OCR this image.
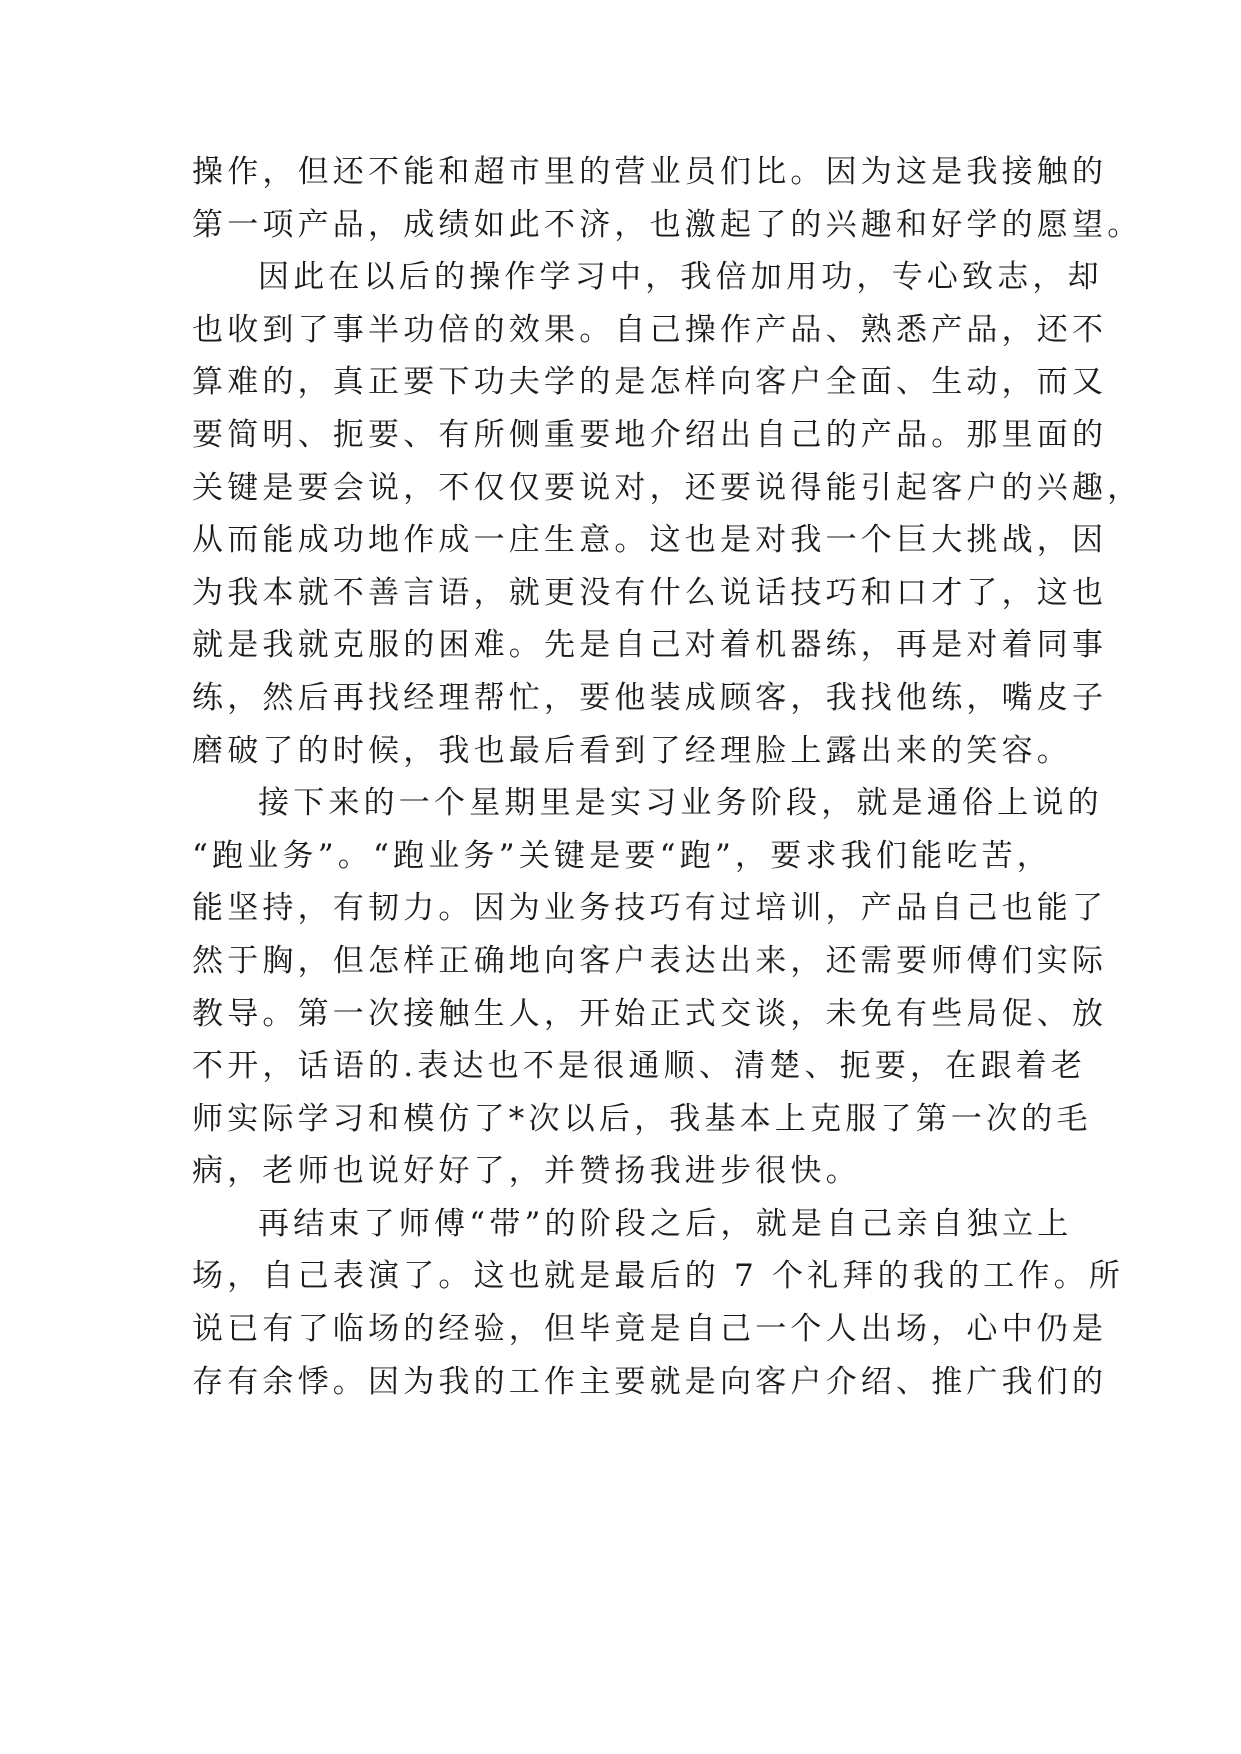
操作，但还不能和超市里的营业员们比。因为这是我接触的
第一项产品，成绩如此不济，也激起了的兴趣和好学的愿望。
因此在以后的操作学习中，我倍加用功，专心致志，却
也收到了事半功倍的效果。自己操作产品、熟悉产品，还不
算难的，真正要下功夫学的是怎样向客户全面、生动，而又
要简明、扼要、有所侧重要地介绍出自己的产品。那里面的
关键是要会说，不仅仅要说对，还要说得能引起客户的兴趣，
从而能成功地作成一庄生意。这也是对我一个巨大挑战，因
为我本就不善言语，就更没有什么说话技巧和口才了，这也
就是我就克服的困难。先是自己对着机器练，再是对着同事
练，然后再找经理帮忙，要他装成顾客，我找他练，嘴皮子
磨破了的时候，我也最后看到了经理脸上露出来的笑容。
接下来的一个星期里是实习业务阶段，就是通俗上说的
“跑业务”。“跑业务”关键是要“跑”，要求我们能吃苦，
能坚持，有韧力。因为业务技巧有过培训，产品自己也能了
然于胸，但怎样正确地向客户表达出来，还需要师傅们实际
教导。第一次接触生人，开始正式交谈，未免有些局促、放
不开，话语的.表达也不是很通顺、清楚、扼要，在跟着老
师实际学习和模仿了*次以后，我基本上克服了第一次的毛
病，老师也说好好了，并赞扬我进步很快。
再结束了师傅“带”的阶段之后，就是自己亲自独立上
场，自己表演了。这也就是最后的 7 个礼拜的我的工作。所
说已有了临场的经验，但毕竟是自己一个人出场，心中仍是
存有余悸。因为我的工作主要就是向客户介绍、推广我们的
